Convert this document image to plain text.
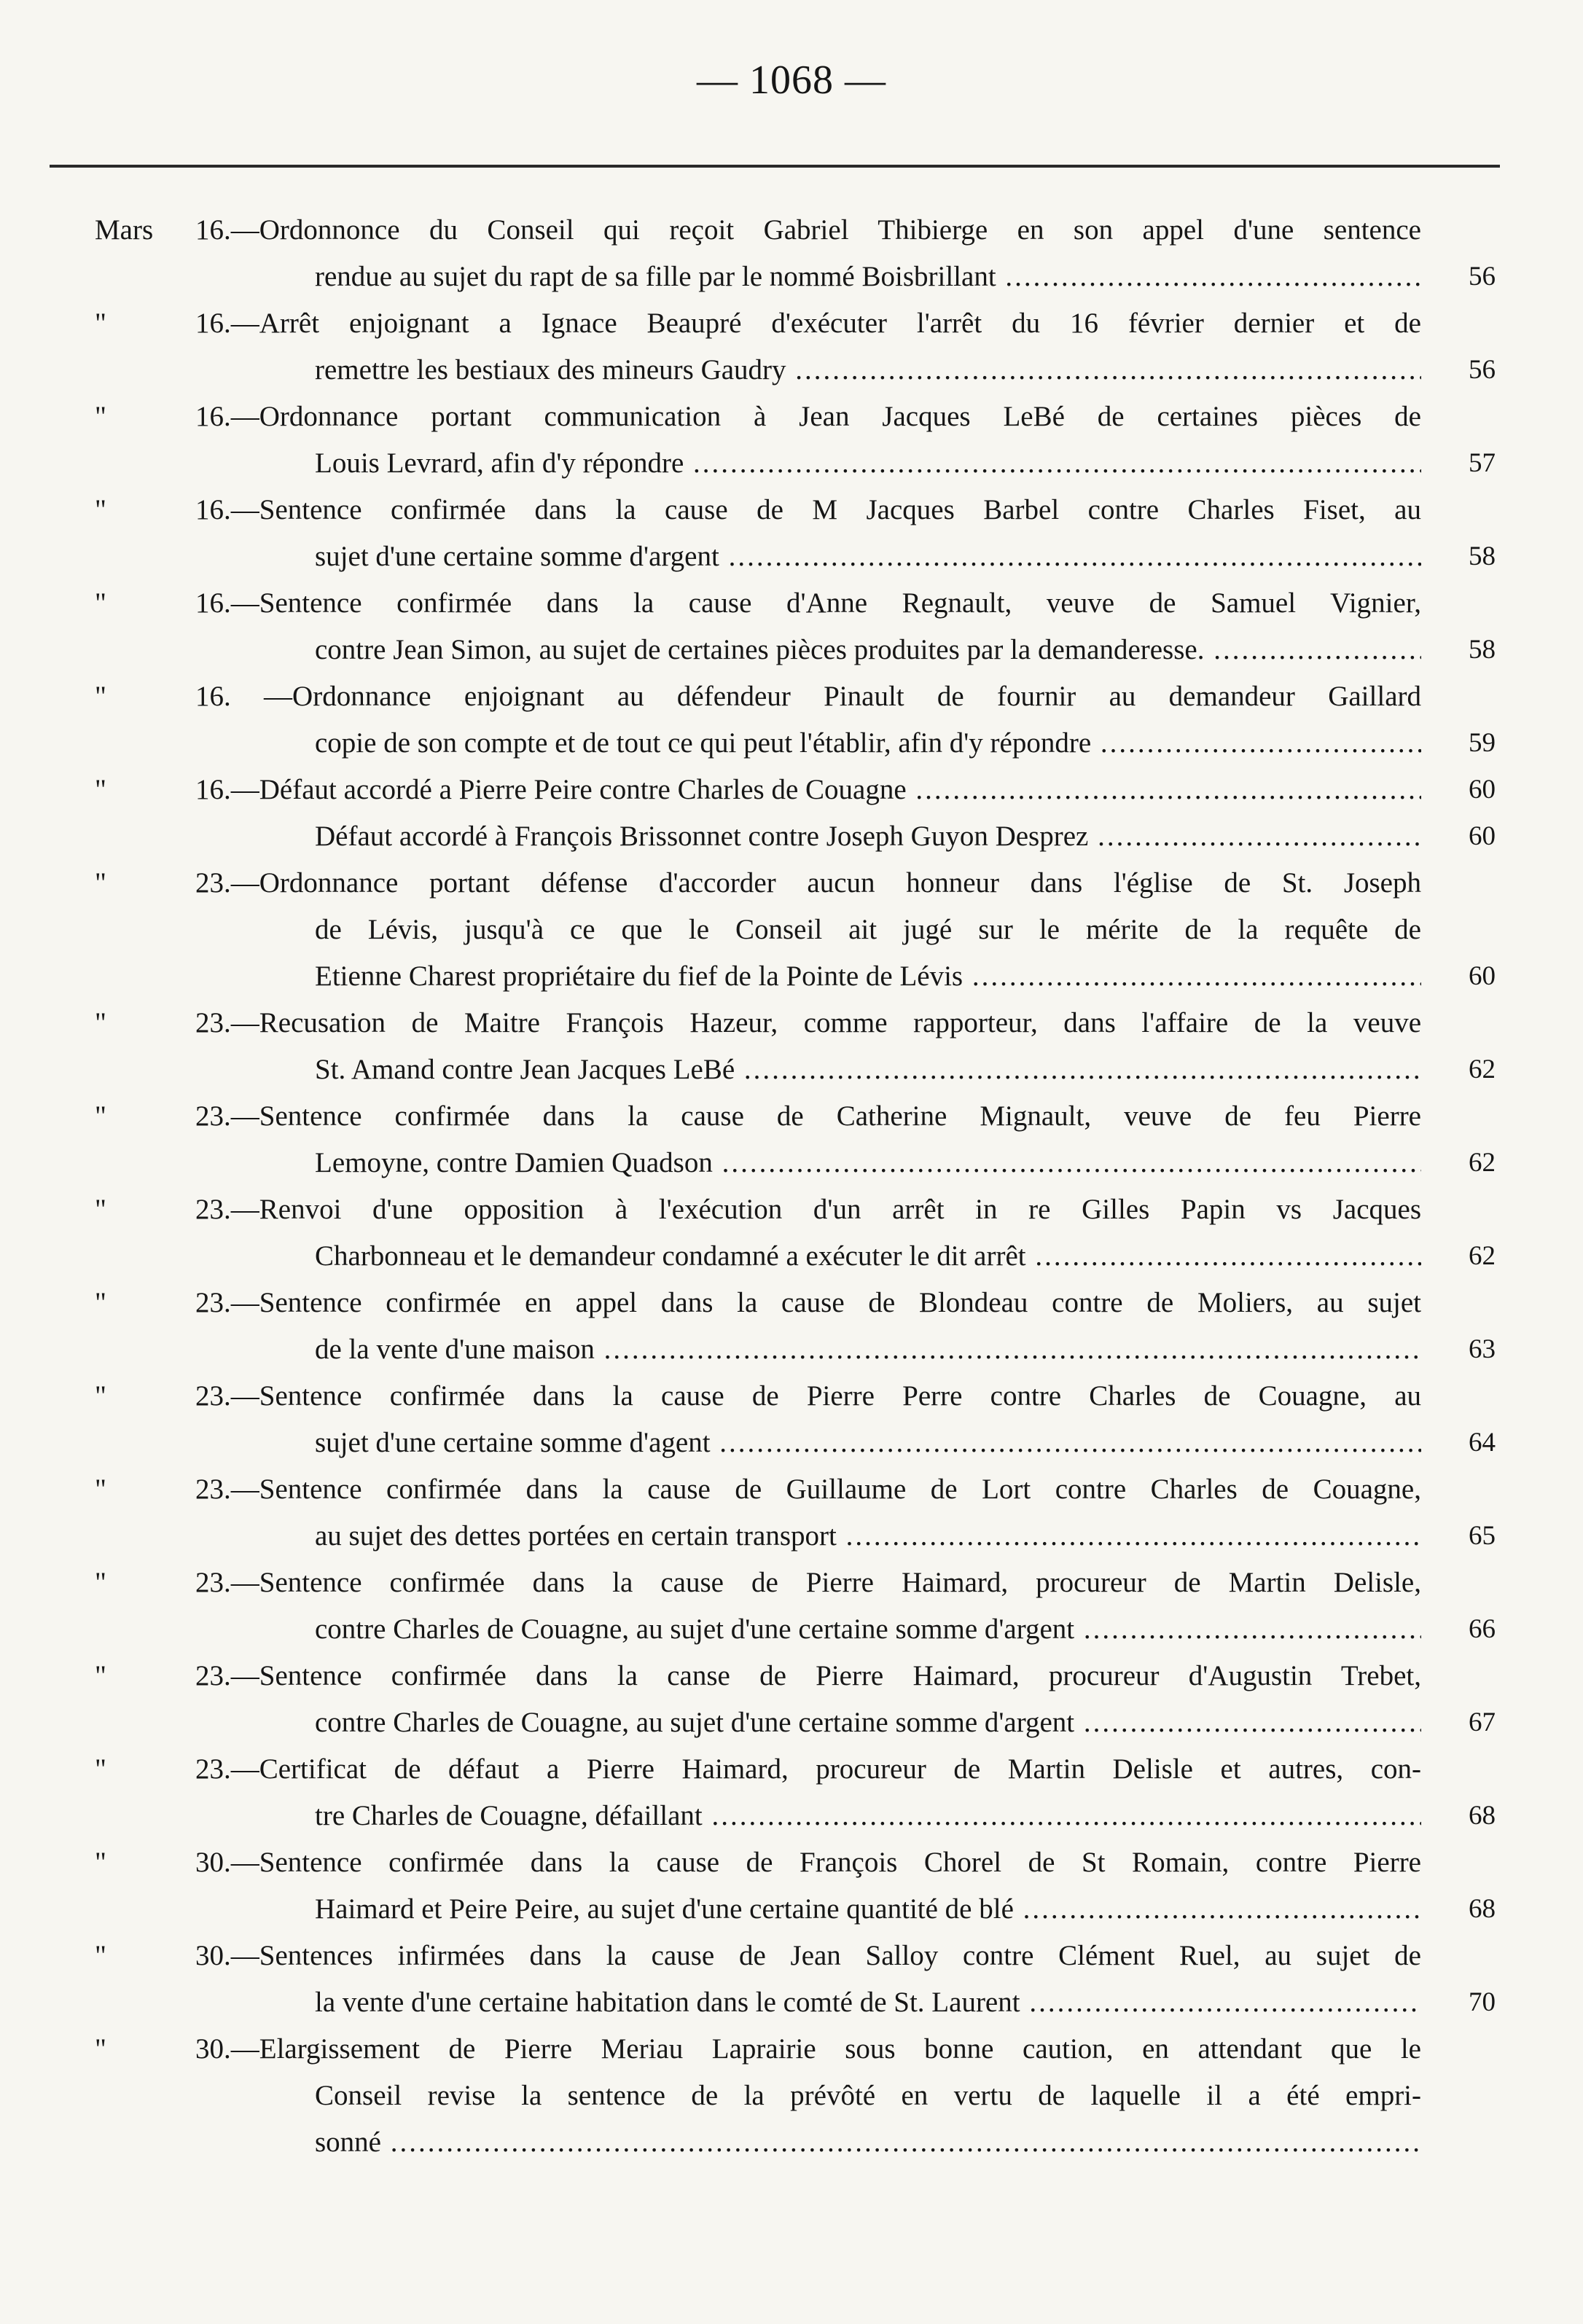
— 1068 —
Mars 16.—Ordonnonce du Conseil qui reçoit Gabriel Thibierge en son appel d'une sentence
rendue au sujet du rapt de sa fille par le nommé Boisbrillant .....	56
"	16.—Arrêt enjoignant a Ignace Beaupré d'exécuter l'arrêt du 16 février dernier et de
remettre les bestiaux des mineurs Gaudry .....	56
"	16.—Ordonnance portant communication à Jean Jacques LeBé de certaines pièces de
Louis Levrard, afin d'y répondre .....	57
"	16.—Sentence confirmée dans la cause de M Jacques Barbel contre Charles Fiset, au
sujet d'une certaine somme d'argent .....	58
"	16.—Sentence confirmée dans la cause d'Anne Regnault, veuve de Samuel Vignier,
contre Jean Simon, au sujet de certaines pièces produites par la demanderesse. .....	58
"	16. —Ordonnance enjoignant au défendeur Pinault de fournir au demandeur Gaillard
copie de son compte et de tout ce qui peut l'établir, afin d'y répondre .....	59
"	16.—Défaut accordé a Pierre Peire contre Charles de Couagne .....	60
Défaut accordé à François Brissonnet contre Joseph Guyon Desprez .....	60
"	23.—Ordonnance portant défense d'accorder aucun honneur dans l'église de St. Joseph
de Lévis, jusqu'à ce que le Conseil ait jugé sur le mérite de la requête de
Etienne Charest propriétaire du fief de la Pointe de Lévis .....	60
"	23.—Recusation de Maitre François Hazeur, comme rapporteur, dans l'affaire de la veuve
St. Amand contre Jean Jacques LeBé .....	62
"	23.—Sentence confirmée dans la cause de Catherine Mignault, veuve de feu Pierre
Lemoyne, contre Damien Quadson .....	62
"	23.—Renvoi d'une opposition à l'exécution d'un arrêt in re Gilles Papin vs Jacques
Charbonneau et le demandeur condamné a exécuter le dit arrêt .....	62
"	23.—Sentence confirmée en appel dans la cause de Blondeau contre de Moliers, au sujet
de la vente d'une maison .....	63
"	23.—Sentence confirmée dans la cause de Pierre Perre contre Charles de Couagne, au
sujet d'une certaine somme d'agent .....	64
"	23.—Sentence confirmée dans la cause de Guillaume de Lort contre Charles de Couagne,
au sujet des dettes portées en certain transport .....	65
"	23.—Sentence confirmée dans la cause de Pierre Haimard, procureur de Martin Delisle,
contre Charles de Couagne, au sujet d'une certaine somme d'argent .....	66
"	23.—Sentence confirmée dans la canse de Pierre Haimard, procureur d'Augustin Trebet,
contre Charles de Couagne, au sujet d'une certaine somme d'argent .....	67
"	23.—Certificat de défaut a Pierre Haimard, procureur de Martin Delisle et autres, con-
tre Charles de Couagne, défaillant .....	68
"	30.—Sentence confirmée dans la cause de François Chorel de St Romain, contre Pierre
Haimard et Peire Peire, au sujet d'une certaine quantité de blé .....	68
"	30.—Sentences infirmées dans la cause de Jean Salloy contre Clément Ruel, au sujet de
la vente d'une certaine habitation dans le comté de St. Laurent .....	70
"	30.—Elargissement de Pierre Meriau Laprairie sous bonne caution, en attendant que le
Conseil revise la sentence de la prévôté en vertu de laquelle il a été empri-
sonné .....
